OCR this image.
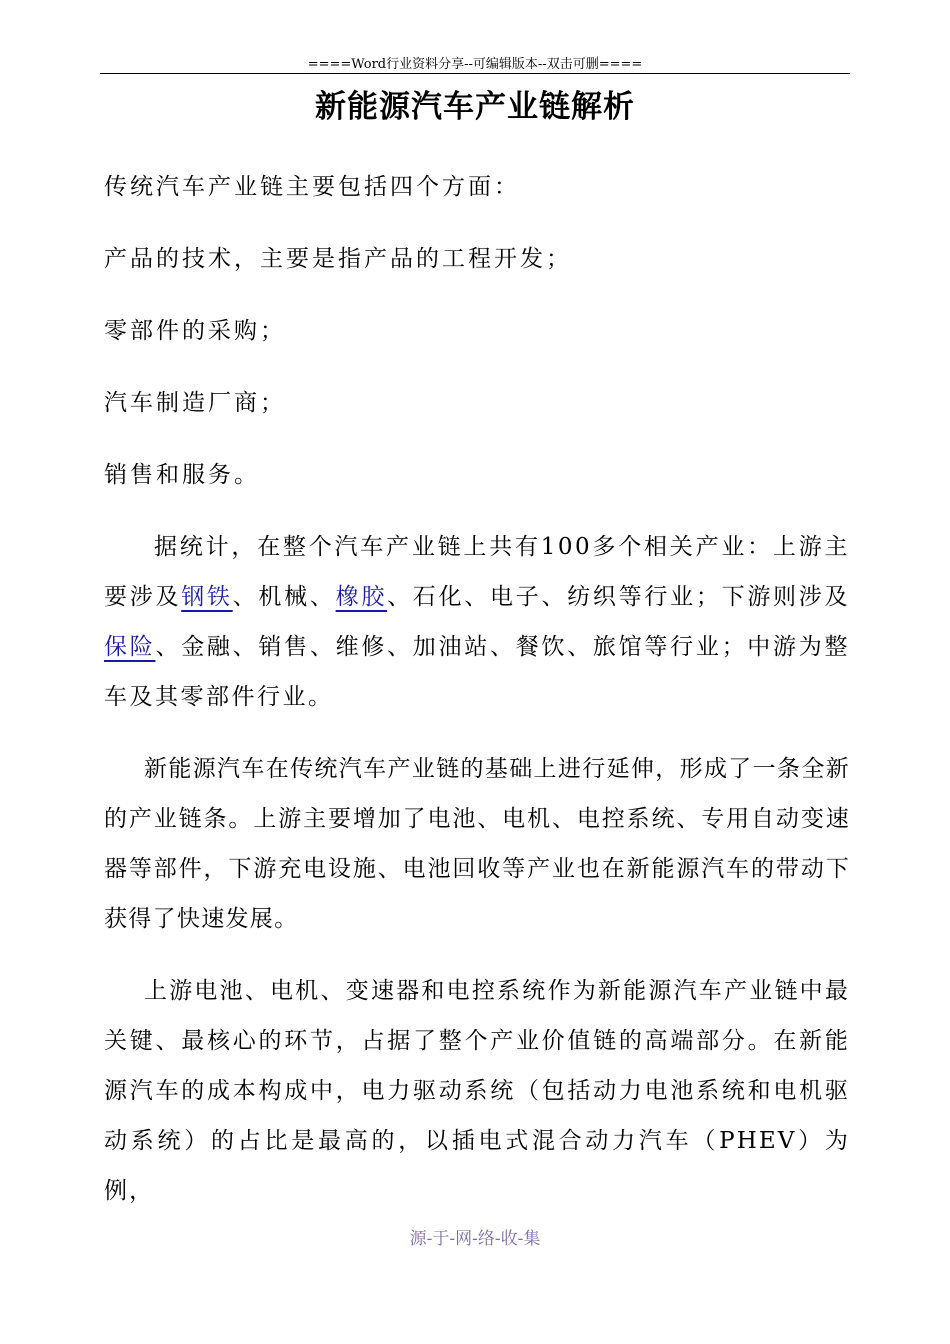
====Word行业资料分享--可编辑版本--双击可删====
新能源汽车产业链解析
传统汽车产业链主要包括四个方面：
产品的技术，主要是指产品的工程开发；
零部件的采购；
汽车制造厂商；
销售和服务。
据统计，在整个汽车产业链上共有100多个相关产业：上游主要涉及钢铁、机械、橡胶、石化、电子、纺织等行业；下游则涉及保险、金融、销售、维修、加油站、餐饮、旅馆等行业；中游为整车及其零部件行业。
新能源汽车在传统汽车产业链的基础上进行延伸，形成了一条全新的产业链条。上游主要增加了电池、电机、电控系统、专用自动变速器等部件，下游充电设施、电池回收等产业也在新能源汽车的带动下获得了快速发展。
上游电池、电机、变速器和电控系统作为新能源汽车产业链中最关键、最核心的环节，占据了整个产业价值链的高端部分。在新能源汽车的成本构成中，电力驱动系统（包括动力电池系统和电机驱动系统）的占比是最高的，以插电式混合动力汽车（PHEV）为例，
源-于-网-络-收-集
